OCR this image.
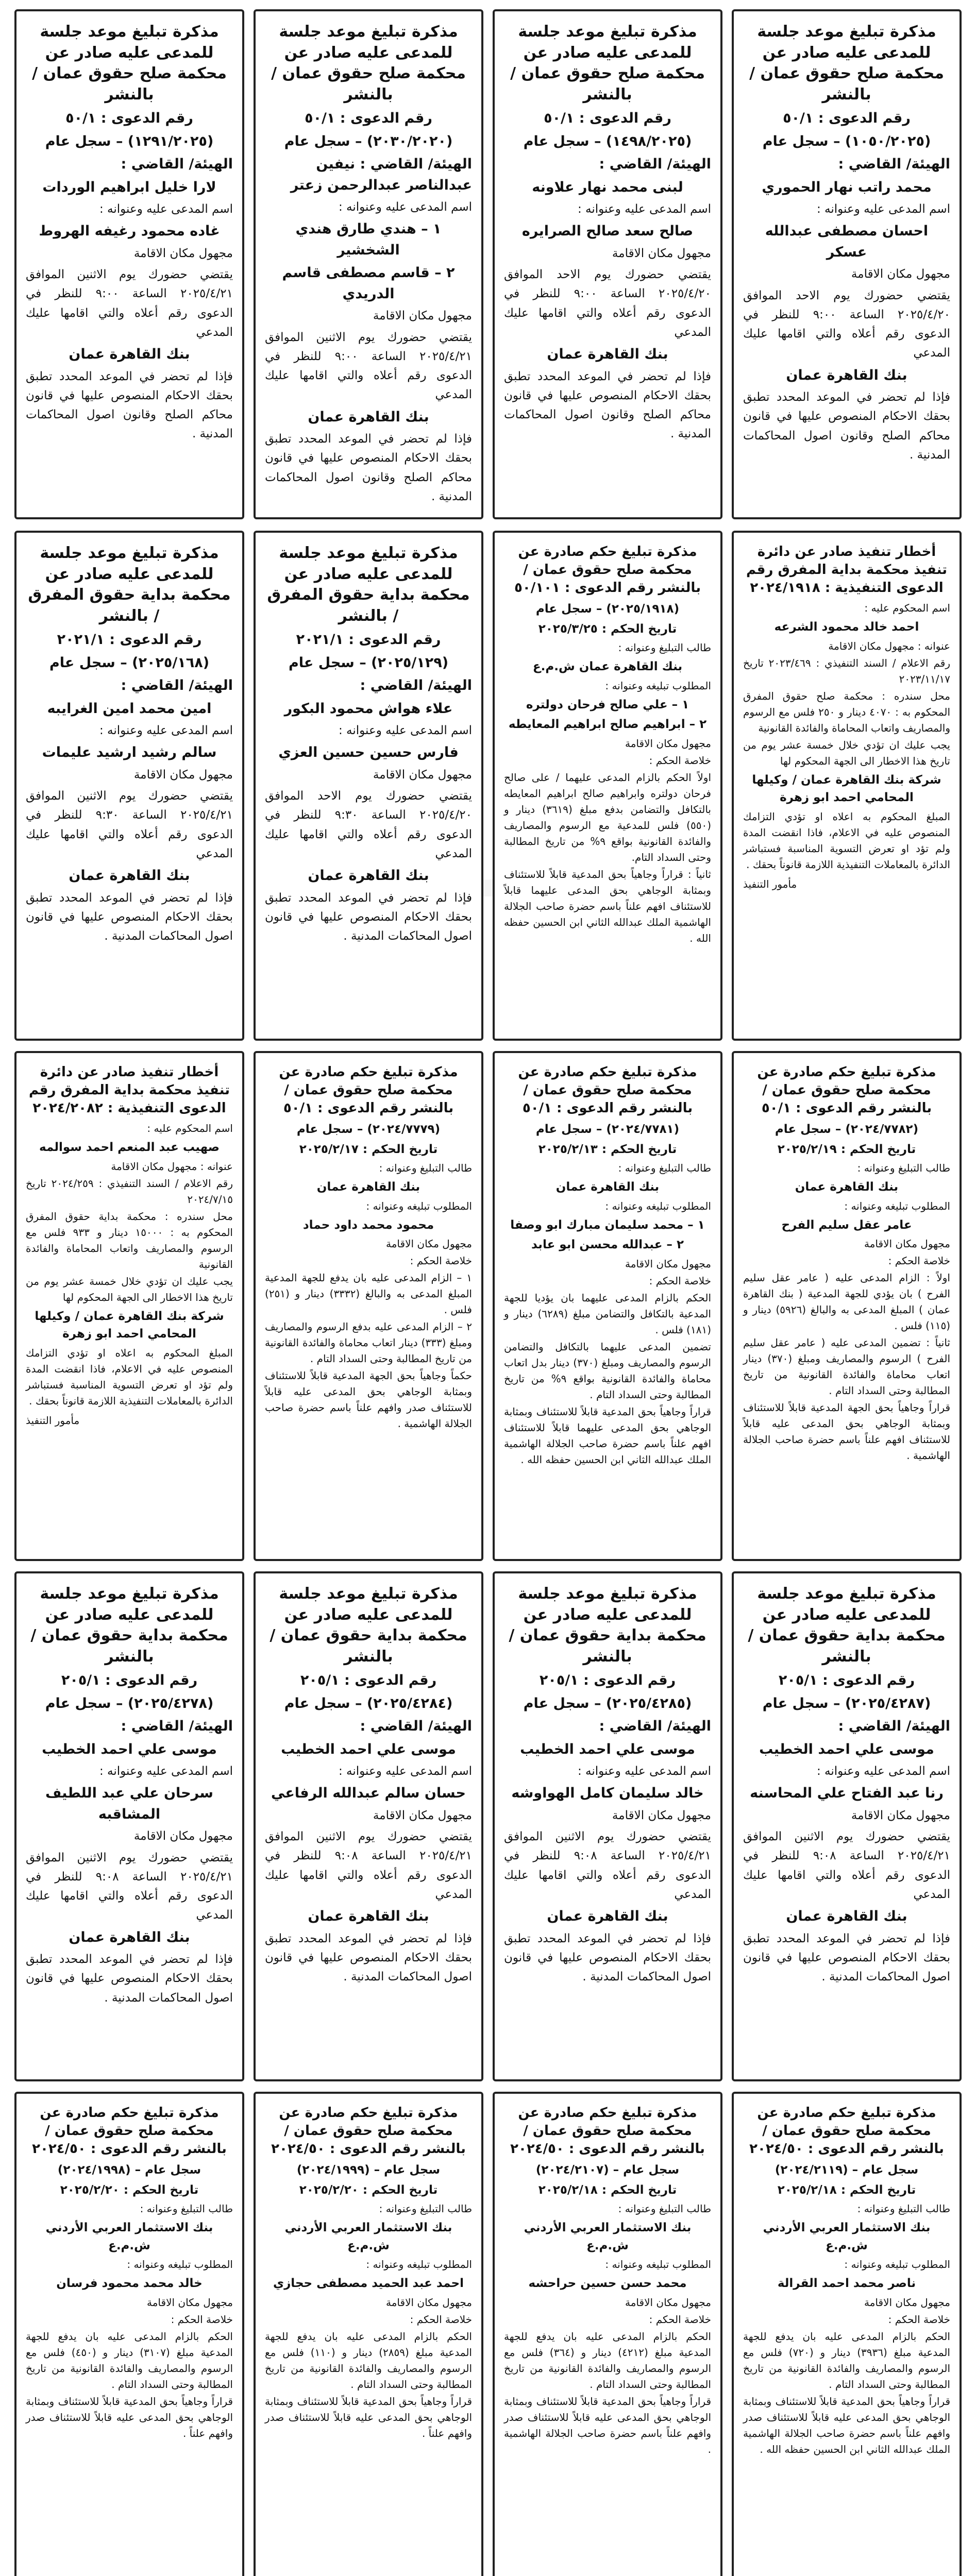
مذكرة تبليغ موعد جلسة للمدعى عليه صادر عن محكمة صلح حقوق عمان / بالنشر
رقم الدعوى : ٥٠/١
(١٠٥٠/٢٠٢٥) – سجل عام
الهيئة/ القاضي :
محمد راتب نهار الحموري
اسم المدعى عليه وعنوانه :
احسان مصطفى عبدالله عسكر
مجهول مكان الاقامة
يقتضي حضورك يوم الاحد الموافق ٢٠٢٥/٤/٢٠ الساعة ٩:٠٠ للنظر في الدعوى رقم أعلاه والتي اقامها عليك المدعي
بنك القاهرة عمان
فإذا لم تحضر في الموعد المحدد تطبق بحقك الاحكام المنصوص عليها في قانون محاكم الصلح وقانون اصول المحاكمات المدنية .
مذكرة تبليغ موعد جلسة للمدعى عليه صادر عن محكمة صلح حقوق عمان / بالنشر
رقم الدعوى : ٥٠/١
(١٤٩٨/٢٠٢٥) – سجل عام
الهيئة/ القاضي :
لبنى محمد نهار علاونه
اسم المدعى عليه وعنوانه :
صالح سعد صالح الصرايره
مجهول مكان الاقامة
يقتضي حضورك يوم الاحد الموافق ٢٠٢٥/٤/٢٠ الساعة ٩:٠٠ للنظر في الدعوى رقم أعلاه والتي اقامها عليك المدعي
بنك القاهرة عمان
فإذا لم تحضر في الموعد المحدد تطبق بحقك الاحكام المنصوص عليها في قانون محاكم الصلح وقانون اصول المحاكمات المدنية .
مذكرة تبليغ موعد جلسة للمدعى عليه صادر عن محكمة صلح حقوق عمان / بالنشر
رقم الدعوى : ٥٠/١
(٢٠٣٠/٢٠٢٠) – سجل عام
الهيئة/ القاضي : نيفين عبدالناصر عبدالرحمن زعتر
اسم المدعى عليه وعنوانه :
١ – هندي طارق هندي الشخشير
٢ – قاسم مصطفى قاسم الدريدي
مجهول مكان الاقامة
يقتضي حضورك يوم الاثنين الموافق ٢٠٢٥/٤/٢١ الساعة ٩:٠٠ للنظر في الدعوى رقم أعلاه والتي اقامها عليك المدعي
بنك القاهرة عمان
فإذا لم تحضر في الموعد المحدد تطبق بحقك الاحكام المنصوص عليها في قانون محاكم الصلح وقانون اصول المحاكمات المدنية .
مذكرة تبليغ موعد جلسة للمدعى عليه صادر عن محكمة صلح حقوق عمان / بالنشر
رقم الدعوى : ٥٠/١
(١٢٩١/٢٠٢٥) – سجل عام
الهيئة/ القاضي :
لارا خليل ابراهيم الوردات
اسم المدعى عليه وعنوانه :
غاده محمود رغيفه الهروط
مجهول مكان الاقامة
يقتضي حضورك يوم الاثنين الموافق ٢٠٢٥/٤/٢١ الساعة ٩:٠٠ للنظر في الدعوى رقم أعلاه والتي اقامها عليك المدعي
بنك القاهرة عمان
فإذا لم تحضر في الموعد المحدد تطبق بحقك الاحكام المنصوص عليها في قانون محاكم الصلح وقانون اصول المحاكمات المدنية .
أخطار تنفيذ صادر عن دائرة تنفيذ محكمة بداية المفرق رقم الدعوى التنفيذية : ٢٠٢٤/١٩١٨
اسم المحكوم عليه :
احمد خالد محمود الشرعه
عنوانه : مجهول مكان الاقامة
رقم الاعلام / السند التنفيذي : ٢٠٢٣/٤٦٩ تاريخ ٢٠٢٣/١١/١٧
محل سندره : محكمة صلح حقوق المفرق المحكوم به : ٤٠٧٠ دينار و ٢٥٠ فلس مع الرسوم والمصاريف واتعاب المحاماة والفائدة القانونية
يجب عليك ان تؤدي خلال خمسة عشر يوم من تاريخ هذا الاخطار الى الجهة المحكوم لها
شركة بنك القاهرة عمان / وكيلها المحامي احمد ابو زهرة
المبلغ المحكوم به اعلاه او تؤدي التزامك المنصوص عليه في الاعلام، فاذا انقضت المدة ولم تؤد او تعرض التسوية المناسبة فستباشر الدائرة بالمعاملات التنفيذية اللازمة قانوناً بحقك .
مأمور التنفيذ
مذكرة تبليغ حكم صادرة عن محكمة صلح حقوق عمان / بالنشر رقم الدعوى : ٥٠/١٠١
(٢٠٢٥/١٩١٨) – سجل عام
تاريخ الحكم : ٢٠٢٥/٣/٢٥
طالب التبليغ وعنوانه :
بنك القاهرة عمان ش.م.ع
المطلوب تبليغه وعنوانه :
١ – علي صالح فرحان دولتره
٢ – ابراهيم صالح ابراهيم المعايطه
مجهول مكان الاقامة
خلاصة الحكم :
اولاً الحكم بالزام المدعى عليهما / على صالح فرحان دولتره وابراهيم صالح ابراهيم المعايطه بالتكافل والتضامن بدفع مبلغ (٣٦١٩) دينار و (٥٥٠) فلس للمدعية مع الرسوم والمصاريف والفائدة القانونية بواقع ٩% من تاريخ المطالبة وحتى السداد التام.
ثانياً : قراراً وجاهياً بحق المدعية قابلاً للاستئناف وبمثابة الوجاهي بحق المدعى عليهما قابلاً للاستئناف افهم علناً باسم حضرة صاحب الجلالة الهاشمية الملك عبدالله الثاني ابن الحسين حفظه الله .
مذكرة تبليغ موعد جلسة للمدعى عليه صادر عن محكمة بداية حقوق المفرق / بالنشر
رقم الدعوى : ٢٠٢١/١
(٢٠٢٥/١٢٩) – سجل عام
الهيئة/ القاضي :
علاء هواش محمود البكور
اسم المدعى عليه وعنوانه :
فارس حسين حسين العزي
مجهول مكان الاقامة
يقتضي حضورك يوم الاحد الموافق ٢٠٢٥/٤/٢٠ الساعة ٩:٣٠ للنظر في الدعوى رقم أعلاه والتي اقامها عليك المدعي
بنك القاهرة عمان
فإذا لم تحضر في الموعد المحدد تطبق بحقك الاحكام المنصوص عليها في قانون اصول المحاكمات المدنية .
مذكرة تبليغ موعد جلسة للمدعى عليه صادر عن محكمة بداية حقوق المفرق / بالنشر
رقم الدعوى : ٢٠٢١/١
(٢٠٢٥/١٦٨) – سجل عام
الهيئة/ القاضي :
امين محمد امين الغرايبه
اسم المدعى عليه وعنوانه :
سالم رشيد ارشيد عليمات
مجهول مكان الاقامة
يقتضي حضورك يوم الاثنين الموافق ٢٠٢٥/٤/٢١ الساعة ٩:٣٠ للنظر في الدعوى رقم أعلاه والتي اقامها عليك المدعي
بنك القاهرة عمان
فإذا لم تحضر في الموعد المحدد تطبق بحقك الاحكام المنصوص عليها في قانون اصول المحاكمات المدنية .
مذكرة تبليغ حكم صادرة عن محكمة صلح حقوق عمان / بالنشر رقم الدعوى : ٥٠/١
(٢٠٢٤/٧٧٨٢) – سجل عام
تاريخ الحكم : ٢٠٢٥/٢/١٩
طالب التبليغ وعنوانه :
بنك القاهرة عمان
المطلوب تبليغه وعنوانه :
عامر عقل سليم الفرح
مجهول مكان الاقامة
خلاصة الحكم :
اولاً : الزام المدعى عليه ( عامر عقل سليم الفرح ) بان يؤدي للجهة المدعية ( بنك القاهرة عمان ) المبلغ المدعى به والبالغ (٥٩٢٦) دينار و (١١٥) فلس .
ثانياً : تضمين المدعى عليه ( عامر عقل سليم الفرح ) الرسوم والمصاريف ومبلغ (٣٧٠) دينار اتعاب محاماة والفائدة القانونية من تاريخ المطالبة وحتى السداد التام .
قراراً وجاهياً بحق الجهة المدعية قابلاً للاستئناف وبمثابة الوجاهي بحق المدعى عليه قابلاً للاستئناف افهم علناً باسم حضرة صاحب الجلالة الهاشمية .
مذكرة تبليغ حكم صادرة عن محكمة صلح حقوق عمان / بالنشر رقم الدعوى : ٥٠/١
(٢٠٢٤/٧٧٨١) – سجل عام
تاريخ الحكم : ٢٠٢٥/٢/١٣
طالب التبليغ وعنوانه :
بنك القاهرة عمان
المطلوب تبليغه وعنوانه :
١ – محمد سليمان مبارك ابو وصفا
٢ – عبدالله محسن ابو عابد
مجهول مكان الاقامة
خلاصة الحكم :
الحكم بالزام المدعى عليهما بان يؤديا للجهة المدعية بالتكافل والتضامن مبلغ (٦٢٨٩) دينار و (١٨١) فلس .
تضمين المدعى عليهما بالتكافل والتضامن الرسوم والمصاريف ومبلغ (٣٧٠) دينار بدل اتعاب محاماة والفائدة القانونية بواقع ٩% من تاريخ المطالبة وحتى السداد التام .
قراراً وجاهياً بحق المدعية قابلاً للاستئناف وبمثابة الوجاهي بحق المدعى عليهما قابلاً للاستئناف افهم علناً باسم حضرة صاحب الجلالة الهاشمية الملك عبدالله الثاني ابن الحسين حفظه الله .
مذكرة تبليغ حكم صادرة عن محكمة صلح حقوق عمان / بالنشر رقم الدعوى : ٥٠/١
(٢٠٢٤/٧٧٧٩) – سجل عام
تاريخ الحكم : ٢٠٢٥/٢/١٧
طالب التبليغ وعنوانه :
بنك القاهرة عمان
المطلوب تبليغه وعنوانه :
محمود محمد داود حماد
مجهول مكان الاقامة
خلاصة الحكم :
١ – الزام المدعى عليه بان يدفع للجهة المدعية المبلغ المدعى به والبالغ (٣٣٣٢) دينار و (٢٥١) فلس .
٢ – الزام المدعى عليه بدفع الرسوم والمصاريف ومبلغ (٣٣٣) دينار اتعاب محاماة والفائدة القانونية من تاريخ المطالبة وحتى السداد التام .
حكماً وجاهياً بحق الجهة المدعية قابلاً للاستئناف وبمثابة الوجاهي بحق المدعى عليه قابلاً للاستئناف صدر وافهم علناً باسم حضرة صاحب الجلالة الهاشمية .
أخطار تنفيذ صادر عن دائرة تنفيذ محكمة بداية المفرق رقم الدعوى التنفيذية : ٢٠٢٤/٢٠٨٢
اسم المحكوم عليه :
صهيب عبد المنعم احمد سوالمه
عنوانه : مجهول مكان الاقامة
رقم الاعلام / السند التنفيذي : ٢٠٢٤/٢٥٩ تاريخ ٢٠٢٤/٧/١٥
محل سندره : محكمة بداية حقوق المفرق المحكوم به : ١٥٠٠٠ دينار و ٩٣٣ فلس مع الرسوم والمصاريف واتعاب المحاماة والفائدة القانونية
يجب عليك ان تؤدي خلال خمسة عشر يوم من تاريخ هذا الاخطار الى الجهة المحكوم لها
شركة بنك القاهرة عمان / وكيلها المحامي احمد ابو زهرة
المبلغ المحكوم به اعلاه او تؤدي التزامك المنصوص عليه في الاعلام، فاذا انقضت المدة ولم تؤد او تعرض التسوية المناسبة فستباشر الدائرة بالمعاملات التنفيذية اللازمة قانوناً بحقك .
مأمور التنفيذ
مذكرة تبليغ موعد جلسة للمدعى عليه صادر عن محكمة بداية حقوق عمان / بالنشر
رقم الدعوى : ٢٠٥/١
(٢٠٢٥/٤٢٨٧) – سجل عام
الهيئة/ القاضي :
موسى علي احمد الخطيب
اسم المدعى عليه وعنوانه :
رنا عبد الفتاح علي المحاسنه
مجهول مكان الاقامة
يقتضي حضورك يوم الاثنين الموافق ٢٠٢٥/٤/٢١ الساعة ٩:٠٨ للنظر في الدعوى رقم أعلاه والتي اقامها عليك المدعي
بنك القاهرة عمان
فإذا لم تحضر في الموعد المحدد تطبق بحقك الاحكام المنصوص عليها في قانون اصول المحاكمات المدنية .
مذكرة تبليغ موعد جلسة للمدعى عليه صادر عن محكمة بداية حقوق عمان / بالنشر
رقم الدعوى : ٢٠٥/١
(٢٠٢٥/٤٢٨٥) – سجل عام
الهيئة/ القاضي :
موسى علي احمد الخطيب
اسم المدعى عليه وعنوانه :
خالد سليمان كامل الهواوشه
مجهول مكان الاقامة
يقتضي حضورك يوم الاثنين الموافق ٢٠٢٥/٤/٢١ الساعة ٩:٠٨ للنظر في الدعوى رقم أعلاه والتي اقامها عليك المدعي
بنك القاهرة عمان
فإذا لم تحضر في الموعد المحدد تطبق بحقك الاحكام المنصوص عليها في قانون اصول المحاكمات المدنية .
مذكرة تبليغ موعد جلسة للمدعى عليه صادر عن محكمة بداية حقوق عمان / بالنشر
رقم الدعوى : ٢٠٥/١
(٢٠٢٥/٤٢٨٤) – سجل عام
الهيئة/ القاضي :
موسى علي احمد الخطيب
اسم المدعى عليه وعنوانه :
حسان سالم عبدالله الرفاعي
مجهول مكان الاقامة
يقتضي حضورك يوم الاثنين الموافق ٢٠٢٥/٤/٢١ الساعة ٩:٠٨ للنظر في الدعوى رقم أعلاه والتي اقامها عليك المدعي
بنك القاهرة عمان
فإذا لم تحضر في الموعد المحدد تطبق بحقك الاحكام المنصوص عليها في قانون اصول المحاكمات المدنية .
مذكرة تبليغ موعد جلسة للمدعى عليه صادر عن محكمة بداية حقوق عمان / بالنشر
رقم الدعوى : ٢٠٥/١
(٢٠٢٥/٤٢٧٨) – سجل عام
الهيئة/ القاضي :
موسى علي احمد الخطيب
اسم المدعى عليه وعنوانه :
سرحان علي عبد اللطيف المشاقبه
مجهول مكان الاقامة
يقتضي حضورك يوم الاثنين الموافق ٢٠٢٥/٤/٢١ الساعة ٩:٠٨ للنظر في الدعوى رقم أعلاه والتي اقامها عليك المدعي
بنك القاهرة عمان
فإذا لم تحضر في الموعد المحدد تطبق بحقك الاحكام المنصوص عليها في قانون اصول المحاكمات المدنية .
مذكرة تبليغ حكم صادرة عن محكمة صلح حقوق عمان / بالنشر رقم الدعوى : ٢٠٢٤/٥٠
سجل عام – (٢٠٢٤/٢١١٩)
تاريخ الحكم : ٢٠٢٥/٢/١٨
طالب التبليغ وعنوانه :
بنك الاستثمار العربي الأردني ش.م.ع
المطلوب تبليغه وعنوانه :
ناصر محمد احمد القرالة
مجهول مكان الاقامة
خلاصة الحكم :
الحكم بالزام المدعى عليه بان يدفع للجهة المدعية مبلغ (٣٩٣٦) دينار و (٧٢٠) فلس مع الرسوم والمصاريف والفائدة القانونية من تاريخ المطالبة وحتى السداد التام .
قراراً وجاهياً بحق المدعية قابلاً للاستئناف وبمثابة الوجاهي بحق المدعى عليه قابلاً للاستئناف صدر وافهم علناً باسم حضرة صاحب الجلالة الهاشمية الملك عبدالله الثاني ابن الحسين حفظه الله .
مذكرة تبليغ حكم صادرة عن محكمة صلح حقوق عمان / بالنشر رقم الدعوى : ٢٠٢٤/٥٠
سجل عام – (٢٠٢٤/٢١٠٧)
تاريخ الحكم : ٢٠٢٥/٢/١٨
طالب التبليغ وعنوانه :
بنك الاستثمار العربي الأردني ش.م.ع
المطلوب تبليغه وعنوانه :
محمد حسن حسين حراحشه
مجهول مكان الاقامة
خلاصة الحكم :
الحكم بالزام المدعى عليه بان يدفع للجهة المدعية مبلغ (٤٢١٢) دينار و (٣٦٤) فلس مع الرسوم والمصاريف والفائدة القانونية من تاريخ المطالبة وحتى السداد التام .
قراراً وجاهياً بحق المدعية قابلاً للاستئناف وبمثابة الوجاهي بحق المدعى عليه قابلاً للاستئناف صدر وافهم علناً باسم حضرة صاحب الجلالة الهاشمية .
مذكرة تبليغ حكم صادرة عن محكمة صلح حقوق عمان / بالنشر رقم الدعوى : ٢٠٢٤/٥٠
سجل عام – (٢٠٢٤/١٩٩٩)
تاريخ الحكم : ٢٠٢٥/٢/٢٠
طالب التبليغ وعنوانه :
بنك الاستثمار العربي الأردني ش.م.ع
المطلوب تبليغه وعنوانه :
احمد عبد الحميد مصطفى حجازي
مجهول مكان الاقامة
خلاصة الحكم :
الحكم بالزام المدعى عليه بان يدفع للجهة المدعية مبلغ (٢٨٥٩) دينار و (١١٠) فلس مع الرسوم والمصاريف والفائدة القانونية من تاريخ المطالبة وحتى السداد التام .
قراراً وجاهياً بحق المدعية قابلاً للاستئناف وبمثابة الوجاهي بحق المدعى عليه قابلاً للاستئناف صدر وافهم علناً .
مذكرة تبليغ حكم صادرة عن محكمة صلح حقوق عمان / بالنشر رقم الدعوى : ٢٠٢٤/٥٠
سجل عام – (٢٠٢٤/١٩٩٨)
تاريخ الحكم : ٢٠٢٥/٢/٢٠
طالب التبليغ وعنوانه :
بنك الاستثمار العربي الأردني ش.م.ع
المطلوب تبليغه وعنوانه :
خالد محمد محمود فرسان
مجهول مكان الاقامة
خلاصة الحكم :
الحكم بالزام المدعى عليه بان يدفع للجهة المدعية مبلغ (٣١٠٧) دينار و (٤٥٠) فلس مع الرسوم والمصاريف والفائدة القانونية من تاريخ المطالبة وحتى السداد التام .
قراراً وجاهياً بحق المدعية قابلاً للاستئناف وبمثابة الوجاهي بحق المدعى عليه قابلاً للاستئناف صدر وافهم علناً .
